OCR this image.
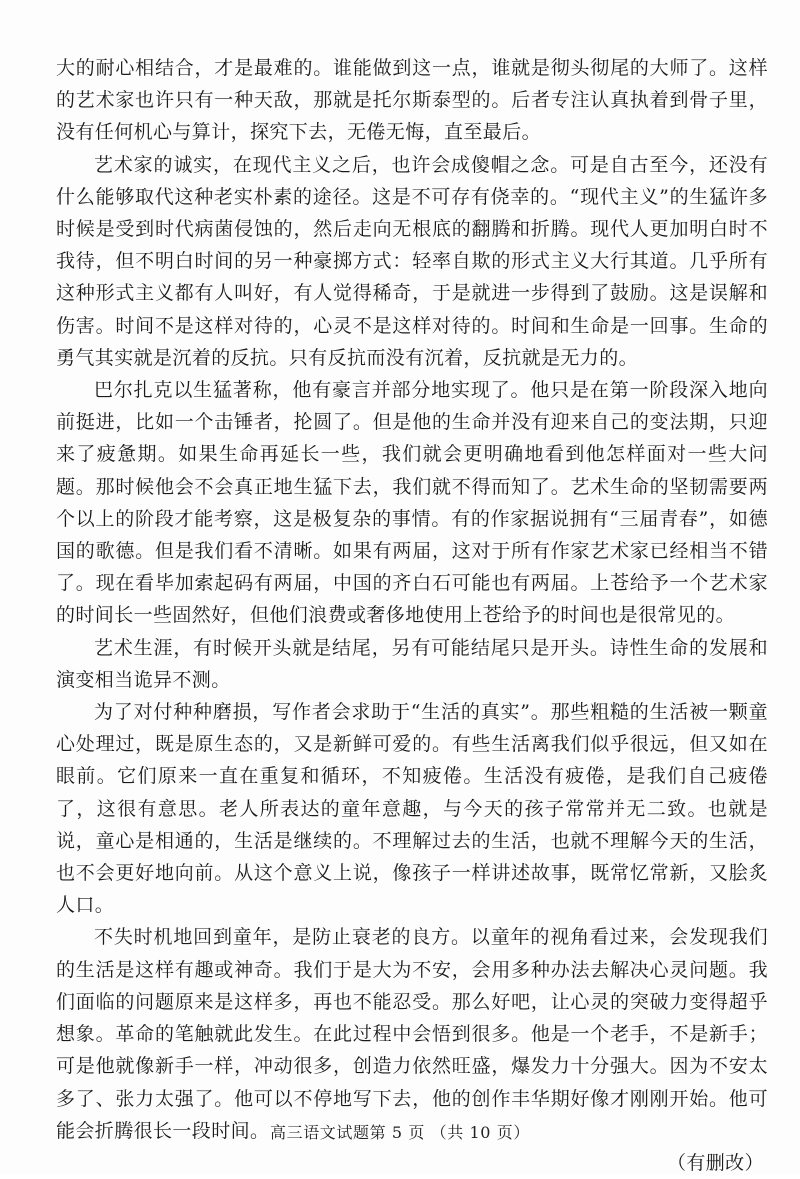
大的耐心相结合，才是最难的。谁能做到这一点，谁就是彻头彻尾的大师了。这样的艺术家也许只有一种天敌，那就是托尔斯泰型的。后者专注认真执着到骨子里，没有任何机心与算计，探究下去，无倦无悔，直至最后。

艺术家的诚实，在现代主义之后，也许会成傻帽之念。可是自古至今，还没有什么能够取代这种老实朴素的途径。这是不可存有侥幸的。“现代主义”的生猛许多时候是受到时代病菌侵蚀的，然后走向无根底的翻腾和折腾。现代人更加明白时不我待，但不明白时间的另一种豪掷方式：轻率自欺的形式主义大行其道。几乎所有这种形式主义都有人叫好，有人觉得稀奇，于是就进一步得到了鼓励。这是误解和伤害。时间不是这样对待的，心灵不是这样对待的。时间和生命是一回事。生命的勇气其实就是沉着的反抗。只有反抗而没有沉着，反抗就是无力的。

巴尔扎克以生猛著称，他有豪言并部分地实现了。他只是在第一阶段深入地向前挺进，比如一个击锤者，抡圆了。但是他的生命并没有迎来自己的变法期，只迎来了疲惫期。如果生命再延长一些，我们就会更明确地看到他怎样面对一些大问题。那时候他会不会真正地生猛下去，我们就不得而知了。艺术生命的坚韧需要两个以上的阶段才能考察，这是极复杂的事情。有的作家据说拥有“三届青春”，如德国的歌德。但是我们看不清晰。如果有两届，这对于所有作家艺术家已经相当不错了。现在看毕加索起码有两届，中国的齐白石可能也有两届。上苍给予一个艺术家的时间长一些固然好，但他们浪费或奢侈地使用上苍给予的时间也是很常见的。

艺术生涯，有时候开头就是结尾，另有可能结尾只是开头。诗性生命的发展和演变相当诡异不测。

为了对付种种磨损，写作者会求助于“生活的真实”。那些粗糙的生活被一颗童心处理过，既是原生态的，又是新鲜可爱的。有些生活离我们似乎很远，但又如在眼前。它们原来一直在重复和循环，不知疲倦。生活没有疲倦，是我们自己疲倦了，这很有意思。老人所表达的童年意趣，与今天的孩子常常并无二致。也就是说，童心是相通的，生活是继续的。不理解过去的生活，也就不理解今天的生活，也不会更好地向前。从这个意义上说，像孩子一样讲述故事，既常忆常新，又脍炙人口。

不失时机地回到童年，是防止衰老的良方。以童年的视角看过来，会发现我们的生活是这样有趣或神奇。我们于是大为不安，会用多种办法去解决心灵问题。我们面临的问题原来是这样多，再也不能忍受。那么好吧，让心灵的突破力变得超乎想象。革命的笔触就此发生。在此过程中会悟到很多。他是一个老手，不是新手；可是他就像新手一样，冲动很多，创造力依然旺盛，爆发力十分强大。因为不安太多了、张力太强了。他可以不停地写下去，他的创作丰华期好像才刚刚开始。他可能会折腾很长一段时间。

（有删改）

高三语文试题第 5 页 （共 10 页）
